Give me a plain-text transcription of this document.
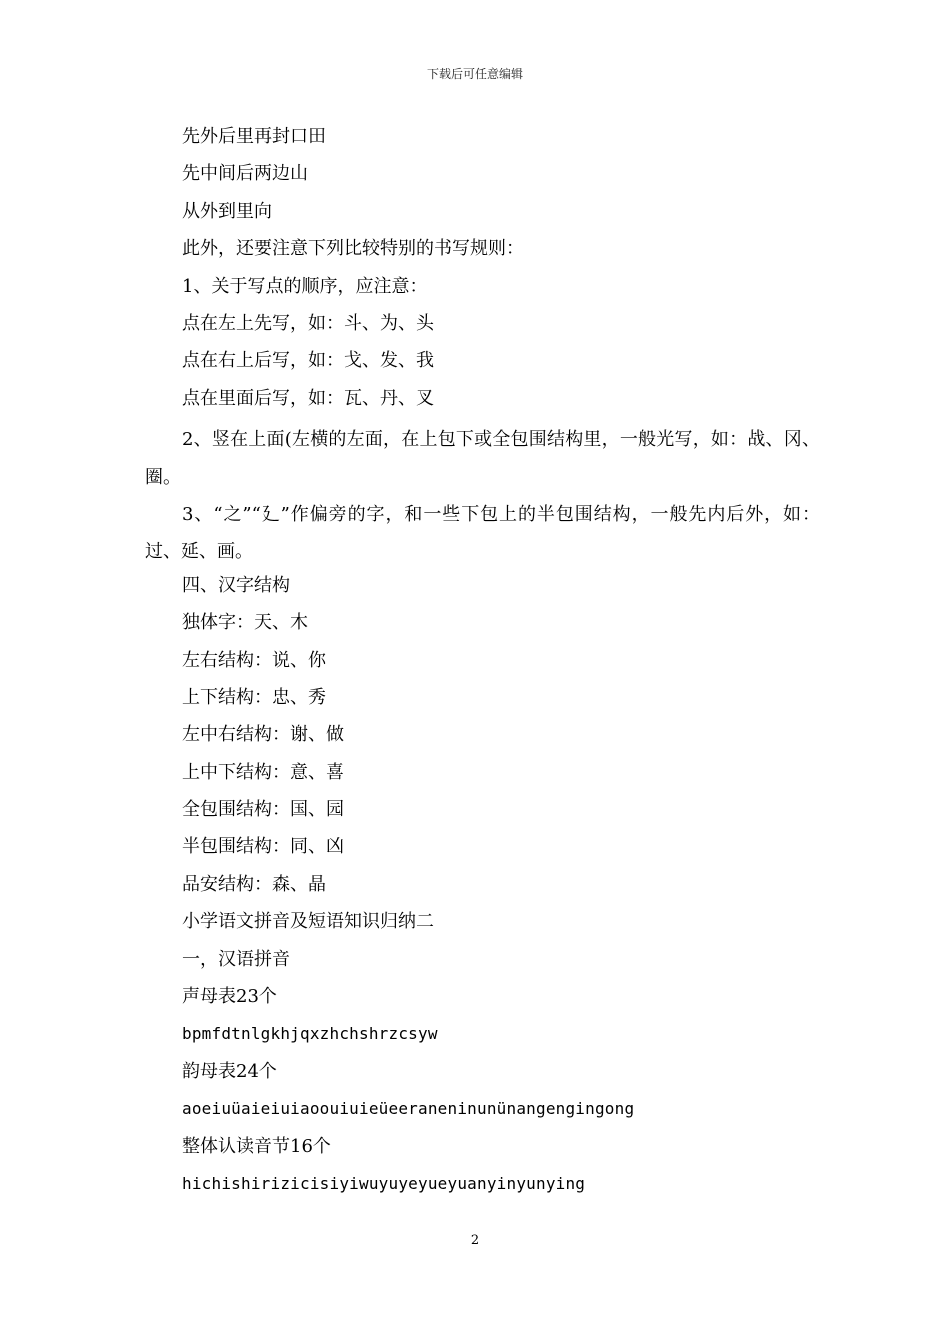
下载后可任意编辑
先外后里再封口田
先中间后两边山
从外到里向
此外，还要注意下列比较特别的书写规则：
1、关于写点的顺序，应注意：
点在左上先写，如：斗、为、头
点在右上后写，如：戈、发、我
点在里面后写，如：瓦、丹、叉

2、竖在上面(左横的左面，在上包下或全包围结构里，一般光写，如：战、冈、圈。

3、“之”“廴”作偏旁的字，和一些下包上的半包围结构，一般先内后外，如：过、延、画。

四、汉字结构
独体字：天、木
左右结构：说、你
上下结构：忠、秀
左中右结构：谢、做
上中下结构：意、喜
全包围结构：国、园
半包围结构：同、凶
品安结构：森、晶
小学语文拼音及短语知识归纳二
一，汉语拼音
声母表23个
bpmfdtnlgkhjqxzhchshrzcsyw
韵母表24个
aoeiuüaieiuiaoouiuieüeeraneninunünangengingong
整体认读音节16个
hichishirizicisiyiwuyuyeyueyuanyinyunying
2
